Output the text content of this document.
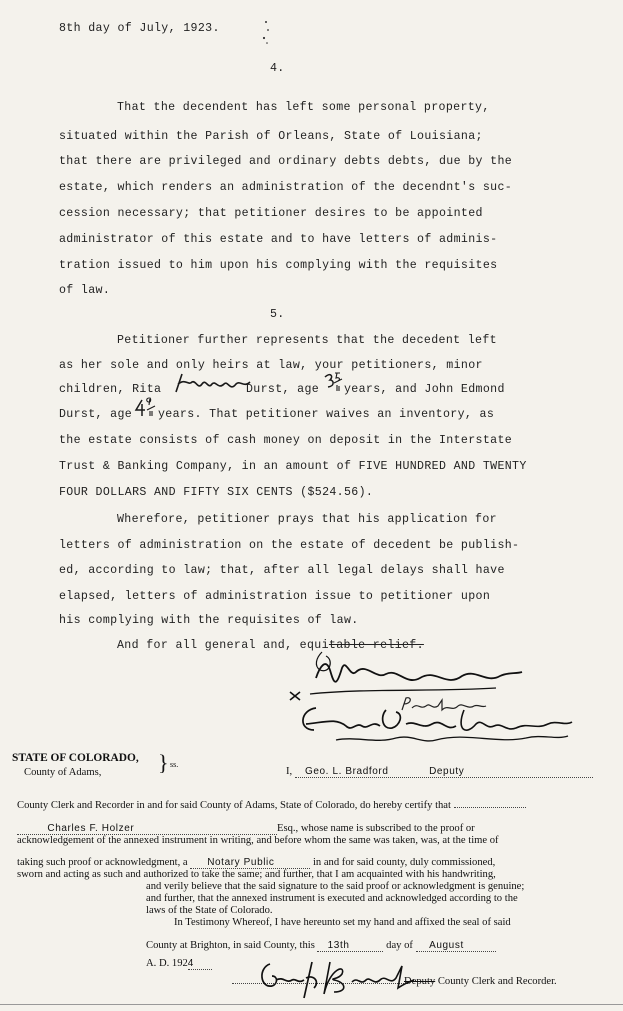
8th day of July, 1923.
4.
That the decendent has left some personal property,
situated within the Parish of Orleans, State of Louisiana;
that there are privileged and ordinary debts debts, due by the
estate, which renders an administration of the decendnt's suc-
cession necessary; that petitioner desires to be appointed
administrator of this estate and to have letters of adminis-
tration issued to him upon his complying with the requisites
of law.
5.
Petitioner further represents that the decedent left
as her sole and only heirs at law, your petitioners, minor
children, Rita	Durst, age years, and John Edmond
Durst, age years. That petitioner waives an inventory, as
the estate consists of cash money on deposit in the Interstate
Trust & Banking Company, in an amount of FIVE HUNDRED AND TWENTY
FOUR DOLLARS AND FIFTY SIX CENTS ($524.56).
Wherefore, petitioner prays that his application for
letters of administration on the estate of decedent be publish-
ed, according to law; that, after all legal delays shall have
elapsed, letters of administration issue to petitioner upon
his complying with the requisites of law.
And for all general and, equitable relief.
STATE OF COLORADO,
County of Adams,	} ss.
I, Geo. L. Bradford	Deputy
County Clerk and Recorder in and for said County of Adams, State of Colorado, do hereby certify that
Charles F. Holzer	Esq., whose name is subscribed to the proof or
acknowledgement of the annexed instrument in writing, and before whom the same was taken, was, at the time of
taking such proof or acknowledgment, a Notary Public	in and for said county, duly commissioned,
sworn and acting as such and authorized to take the same; and further, that I am acquainted with his handwriting,
and verily believe that the said signature to the said proof or acknowledgment is genuine;
and further, that the annexed instrument is executed and acknowledged according to the
laws of the State of Colorado.
In Testimony Whereof, I have hereunto set my hand and affixed the seal of said
County at Brighton, in said County, this 13th	day of August
A. D. 1924
Deputy County Clerk and Recorder.
